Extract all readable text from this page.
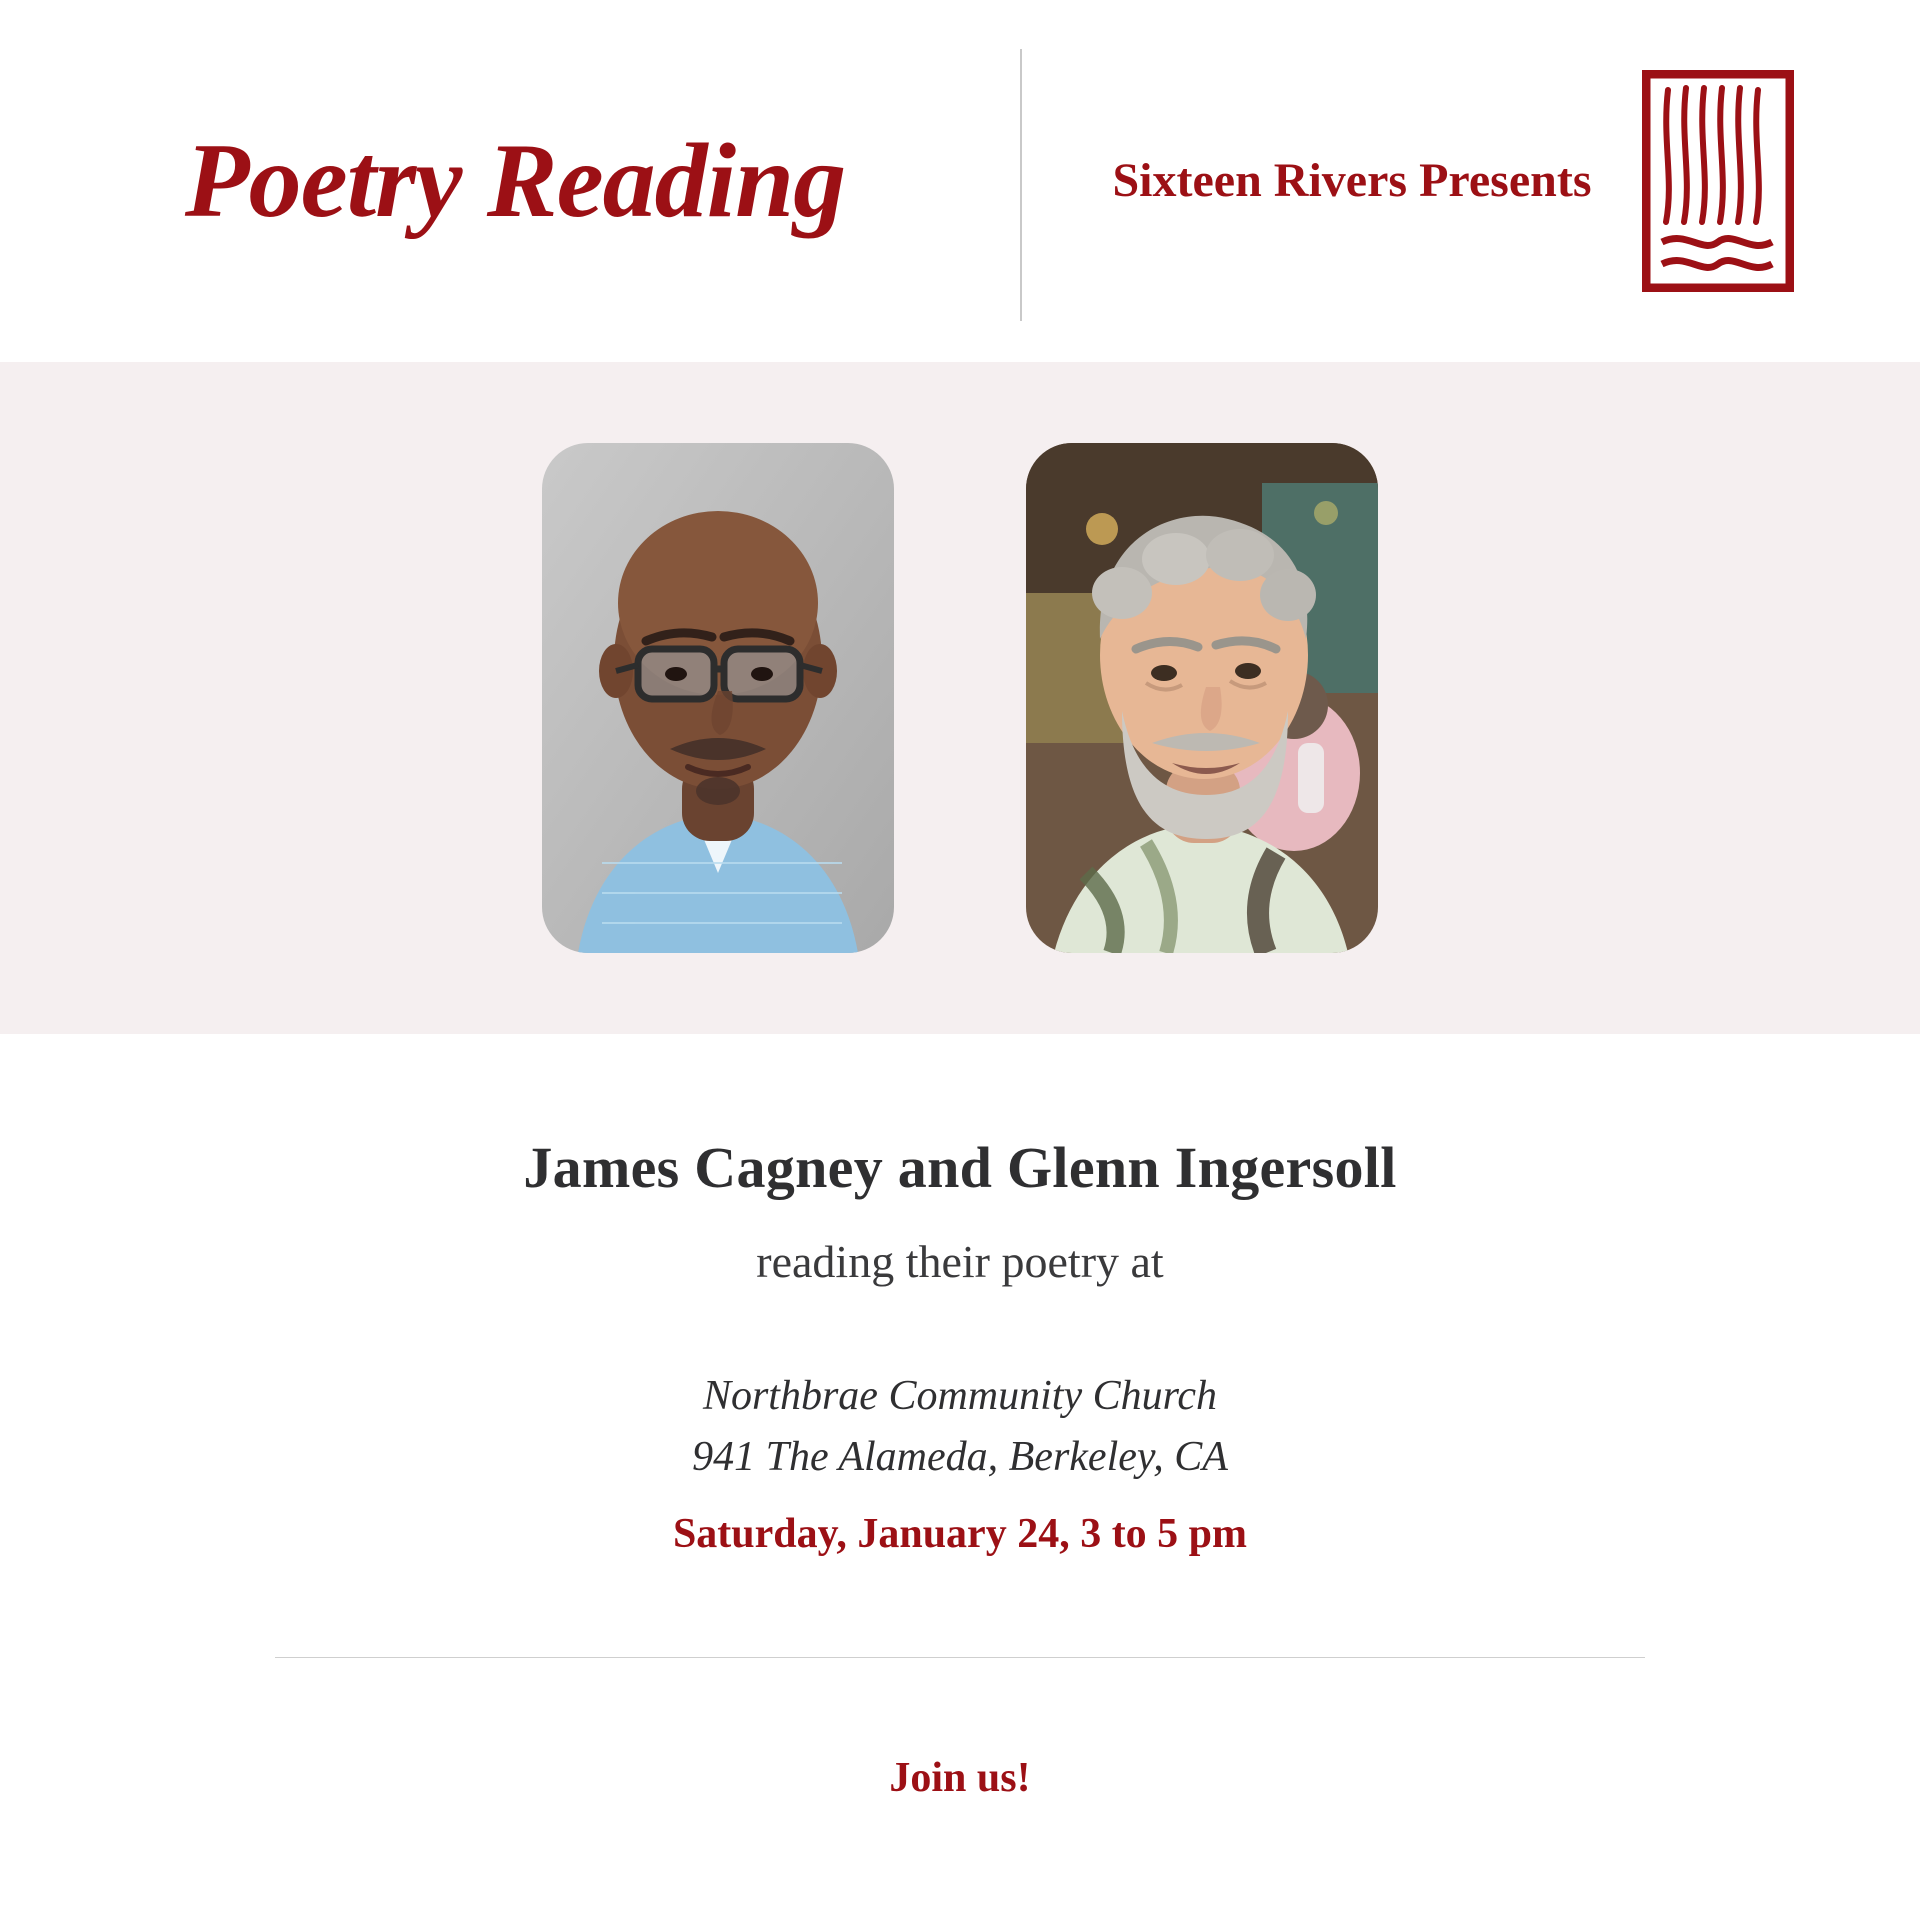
Poetry Reading	Sixteen Rivers Presents
James Cagney and Glenn Ingersoll
reading their poetry at
Northbrae Community Church
941 The Alameda, Berkeley, CA
Saturday, January 24, 3 to 5 pm
Join us!
